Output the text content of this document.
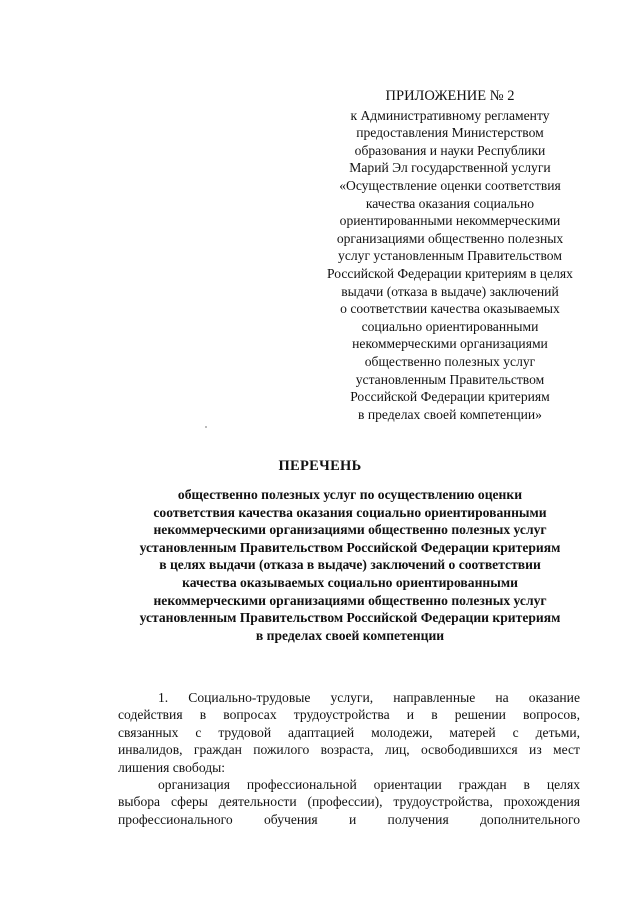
ПРИЛОЖЕНИЕ № 2
к Административному регламенту
предоставления Министерством
образования и науки Республики
Марий Эл государственной услуги
«Осуществление оценки соответствия
качества оказания социально
ориентированными некоммерческими
организациями общественно полезных
услуг установленным Правительством
Российской Федерации критериям в целях
выдачи (отказа в выдаче) заключений
о соответствии качества оказываемых
социально ориентированными
некоммерческими организациями
общественно полезных услуг
установленным Правительством
Российской Федерации критериям
в пределах своей компетенции»
ПЕРЕЧЕНЬ
общественно полезных услуг по осуществлению оценки
соответствия качества оказания социально ориентированными
некоммерческими организациями общественно полезных услуг
установленным Правительством Российской Федерации критериям
в целях выдачи (отказа в выдаче) заключений о соответствии
качества оказываемых социально ориентированными
некоммерческими организациями общественно полезных услуг
установленным Правительством Российской Федерации критериям
в пределах своей компетенции
1. Социально-трудовые услуги, направленные на оказание
содействия в вопросах трудоустройства и в решении вопросов,
связанных с трудовой адаптацией молодежи, матерей с детьми,
инвалидов, граждан пожилого возраста, лиц, освободившихся из мест
лишения свободы:
организация профессиональной ориентации граждан в целях
выбора сферы деятельности (профессии), трудоустройства, прохождения
профессионального обучения и получения дополнительного
